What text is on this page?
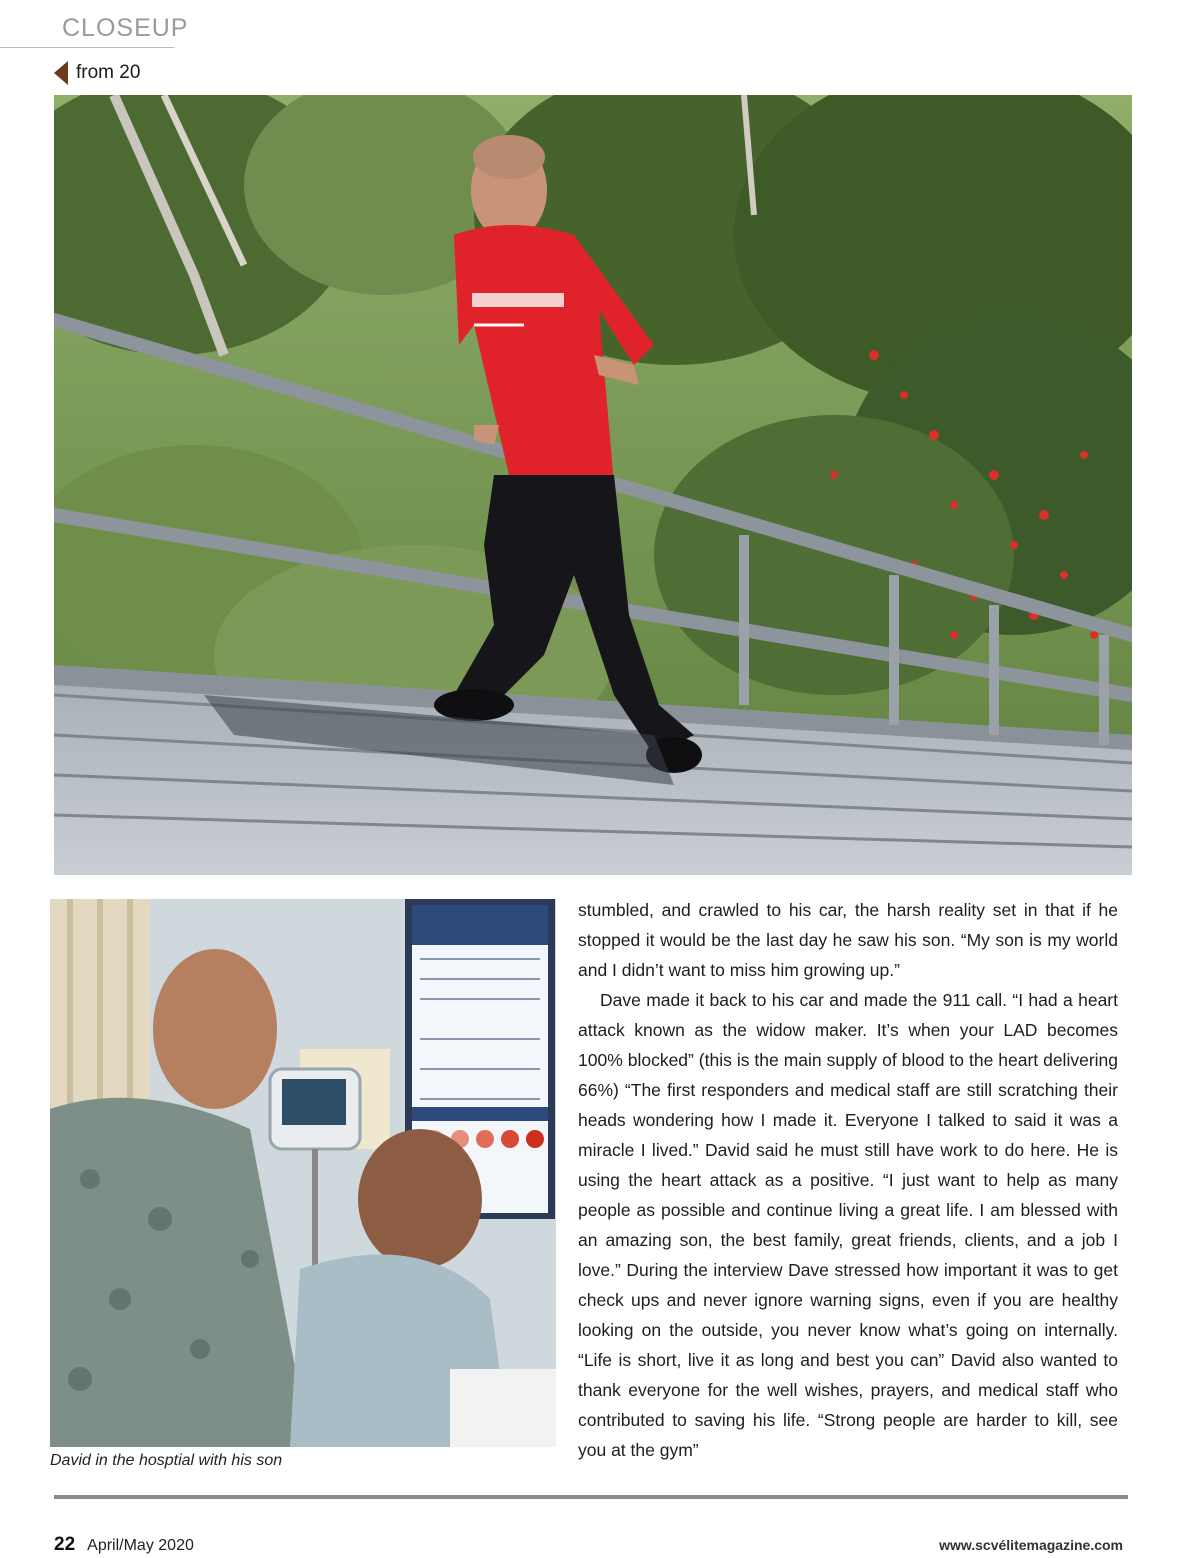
CLOSEUP
from 20
David in the hosptial with his son

stumbled, and crawled to his car, the harsh reality set in that if he stopped it would be the last day he saw his son. “My son is my world and I didn’t want to miss him growing up.”

Dave made it back to his car and made the 911 call. “I had a heart attack known as the widow maker. It’s when your LAD becomes 100% blocked” (this is the main supply of blood to the heart delivering 66%) “The first responders and medical staff are still scratching their heads wondering how I made it. Everyone I talked to said it was a miracle I lived.” David said he must still have work to do here. He is using the heart attack as a positive. “I just want to help as many people as possible and continue living a great life. I am blessed with an amazing son, the best family, great friends, clients, and a job I love.” During the interview Dave stressed how important it was to get check ups and never ignore warning signs, even if you are healthy looking on the outside, you never know what’s going on internally. “Life is short, live it as long and best you can” David also wanted to thank everyone for the well wishes, prayers, and medical staff who contributed to saving his life. “Strong people are harder to kill, see you at the gym”

22 April/May 2020	www.scvélitemagazine.com
